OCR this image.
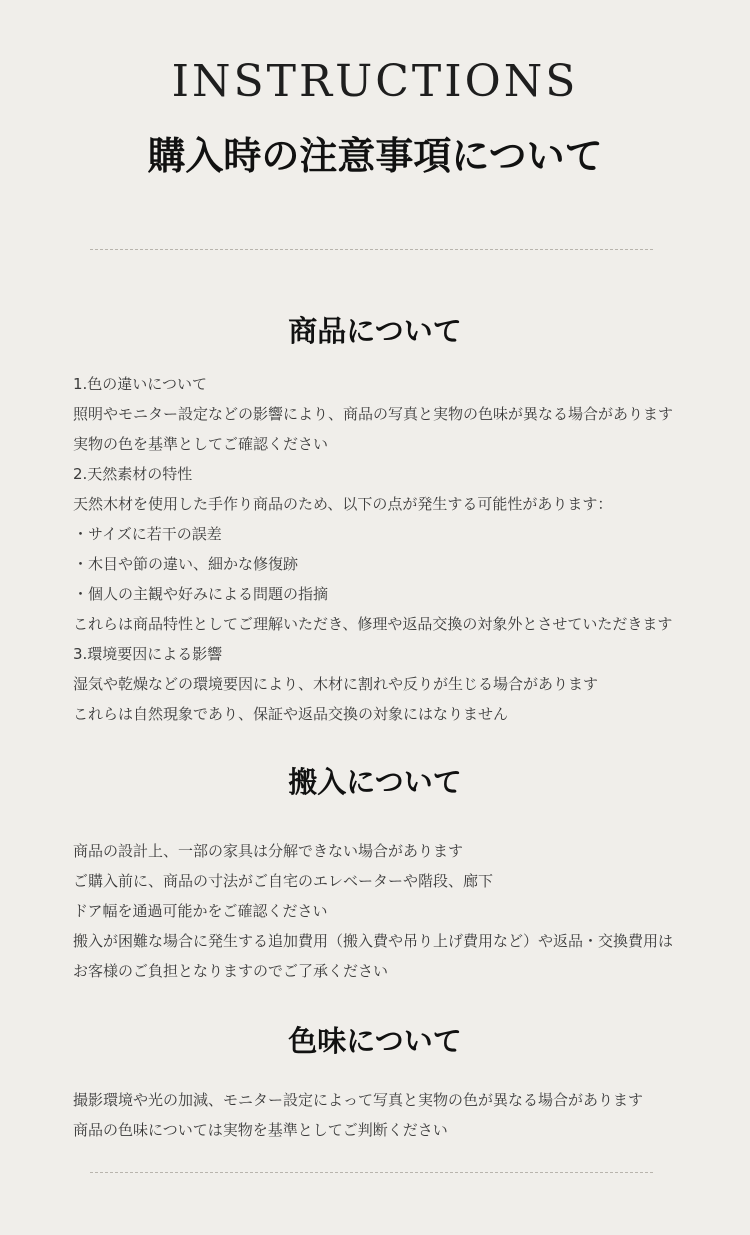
INSTRUCTIONS
購入時の注意事項について
商品について
1.色の違いについて
照明やモニター設定などの影響により、商品の写真と実物の色味が異なる場合があります
実物の色を基準としてご確認ください
2.天然素材の特性
天然木材を使用した手作り商品のため、以下の点が発生する可能性があります：
・サイズに若干の誤差
・木目や節の違い、細かな修復跡
・個人の主観や好みによる問題の指摘
これらは商品特性としてご理解いただき、修理や返品交換の対象外とさせていただきます
3.環境要因による影響
湿気や乾燥などの環境要因により、木材に割れや反りが生じる場合があります
これらは自然現象であり、保証や返品交換の対象にはなりません
搬入について
商品の設計上、一部の家具は分解できない場合があります
ご購入前に、商品の寸法がご自宅のエレベーターや階段、廊下
ドア幅を通過可能かをご確認ください
搬入が困難な場合に発生する追加費用（搬入費や吊り上げ費用など）や返品・交換費用は
お客様のご負担となりますのでご了承ください
色味について
撮影環境や光の加減、モニター設定によって写真と実物の色が異なる場合があります
商品の色味については実物を基準としてご判断ください
